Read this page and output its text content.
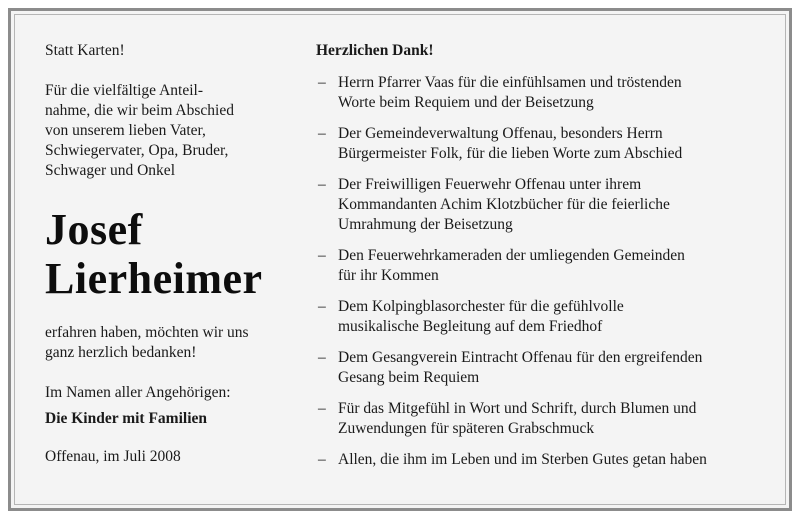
Statt Karten!

Für die vielfältige Anteil-
nahme, die wir beim Abschied
von unserem lieben Vater,
Schwiegervater, Opa, Bruder,
Schwager und Onkel

Josef
Lierheimer

erfahren haben, möchten wir uns
ganz herzlich bedanken!

Im Namen aller Angehörigen:

Die Kinder mit Familien

Offenau, im Juli 2008

Herzlichen Dank!

– Herrn Pfarrer Vaas für die einfühlsamen und tröstenden
Worte beim Requiem und der Beisetzung
– Der Gemeindeverwaltung Offenau, besonders Herrn
Bürgermeister Folk, für die lieben Worte zum Abschied
– Der Freiwilligen Feuerwehr Offenau unter ihrem
Kommandanten Achim Klotzbücher für die feierliche
Umrahmung der Beisetzung
– Den Feuerwehrkameraden der umliegenden Gemeinden
für ihr Kommen
– Dem Kolpingblasorchester für die gefühlvolle
musikalische Begleitung auf dem Friedhof
– Dem Gesangverein Eintracht Offenau für den ergreifenden
Gesang beim Requiem
– Für das Mitgefühl in Wort und Schrift, durch Blumen und
Zuwendungen für späteren Grabschmuck
– Allen, die ihm im Leben und im Sterben Gutes getan haben
